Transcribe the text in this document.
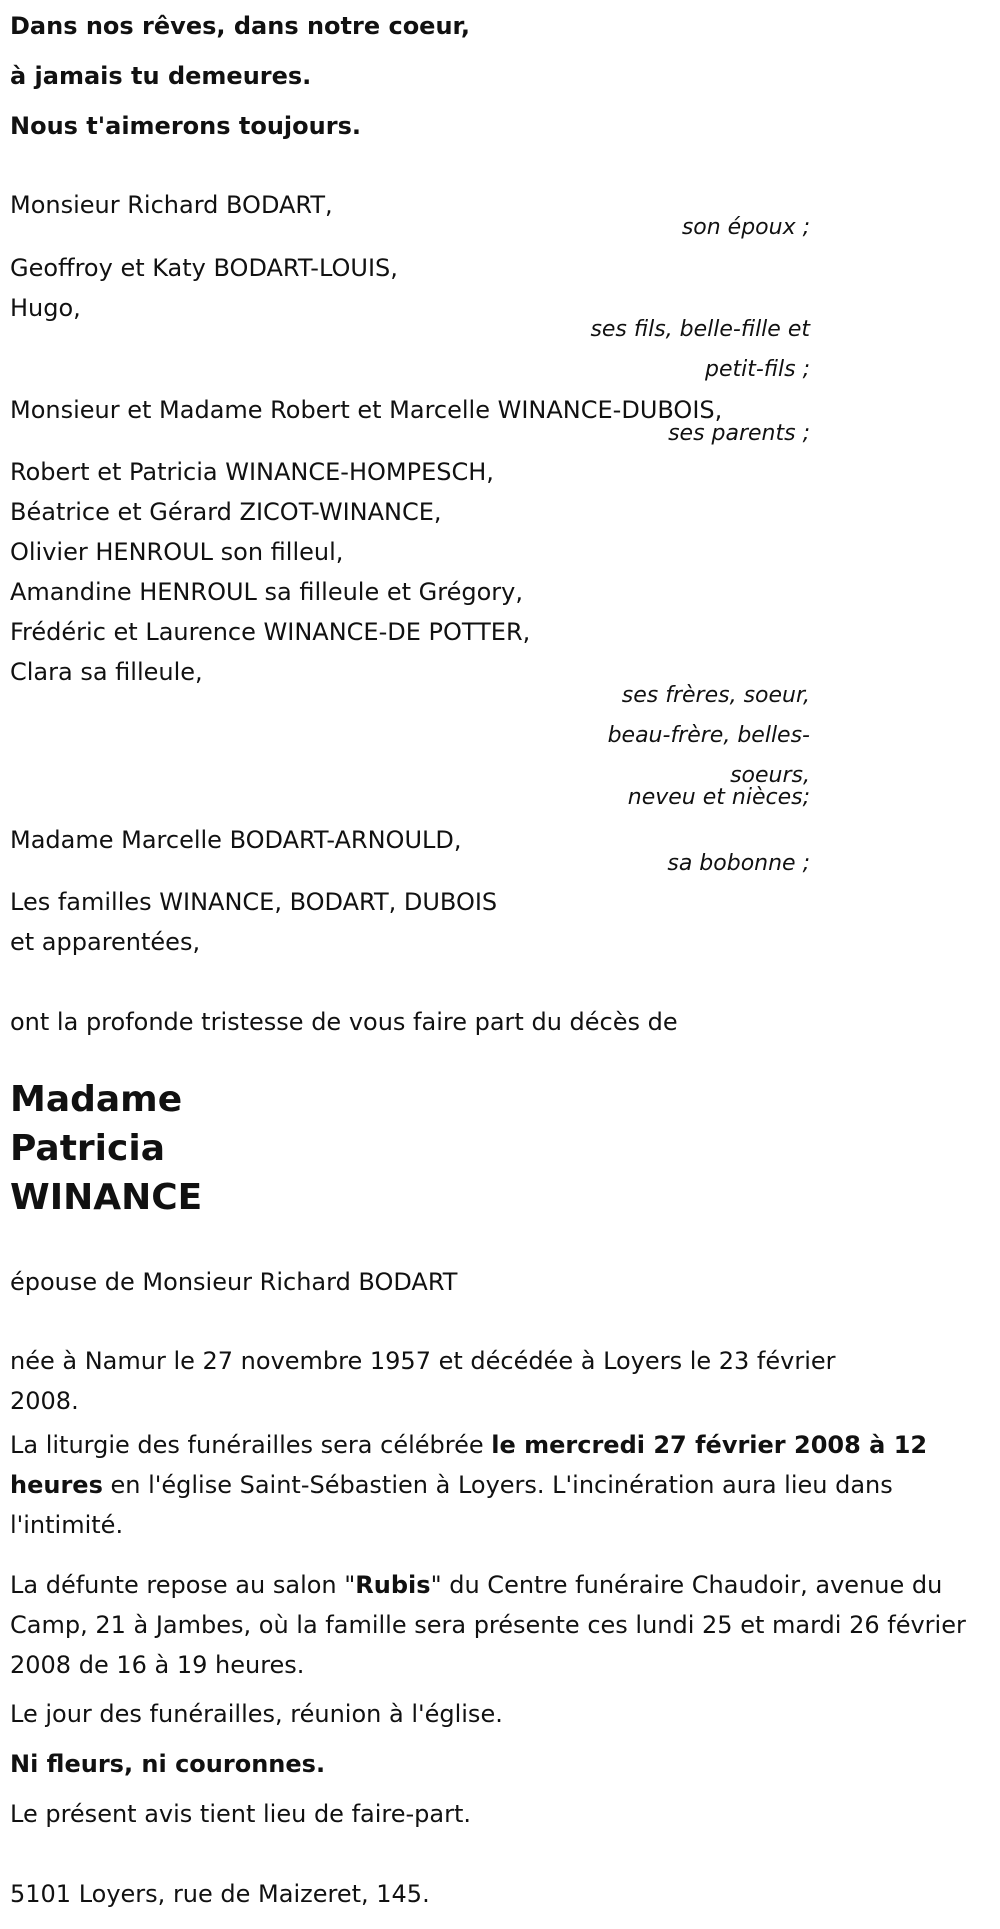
Dans nos rêves, dans notre coeur,
à jamais tu demeures.
Nous t'aimerons toujours.
Monsieur Richard BODART,
son époux ;
Geoffroy et Katy BODART-LOUIS,
Hugo,
ses fils, belle-fille et
petit-fils ;
Monsieur et Madame Robert et Marcelle WINANCE-DUBOIS,
ses parents ;
Robert et Patricia WINANCE-HOMPESCH,
Béatrice et Gérard ZICOT-WINANCE,
Olivier HENROUL son filleul,
Amandine HENROUL sa filleule et Grégory,
Frédéric et Laurence WINANCE-DE POTTER,
Clara sa filleule,
ses frères, soeur,
beau-frère, belles-
soeurs,
neveu et nièces;
Madame Marcelle BODART-ARNOULD,
sa bobonne ;
Les familles WINANCE, BODART, DUBOIS
et apparentées,
ont la profonde tristesse de vous faire part du décès de
Madame
Patricia
WINANCE
épouse de Monsieur Richard BODART
née à Namur le 27 novembre 1957 et décédée à Loyers le 23 février
2008.
La liturgie des funérailles sera célébrée le mercredi 27 février 2008 à 12 heures en l'église Saint-Sébastien à Loyers. L'incinération aura lieu dans l'intimité.
La défunte repose au salon "Rubis" du Centre funéraire Chaudoir, avenue du Camp, 21 à Jambes, où la famille sera présente ces lundi 25 et mardi 26 février 2008 de 16 à 19 heures.
Le jour des funérailles, réunion à l'église.
Ni fleurs, ni couronnes.
Le présent avis tient lieu de faire-part.
5101 Loyers, rue de Maizeret, 145.
